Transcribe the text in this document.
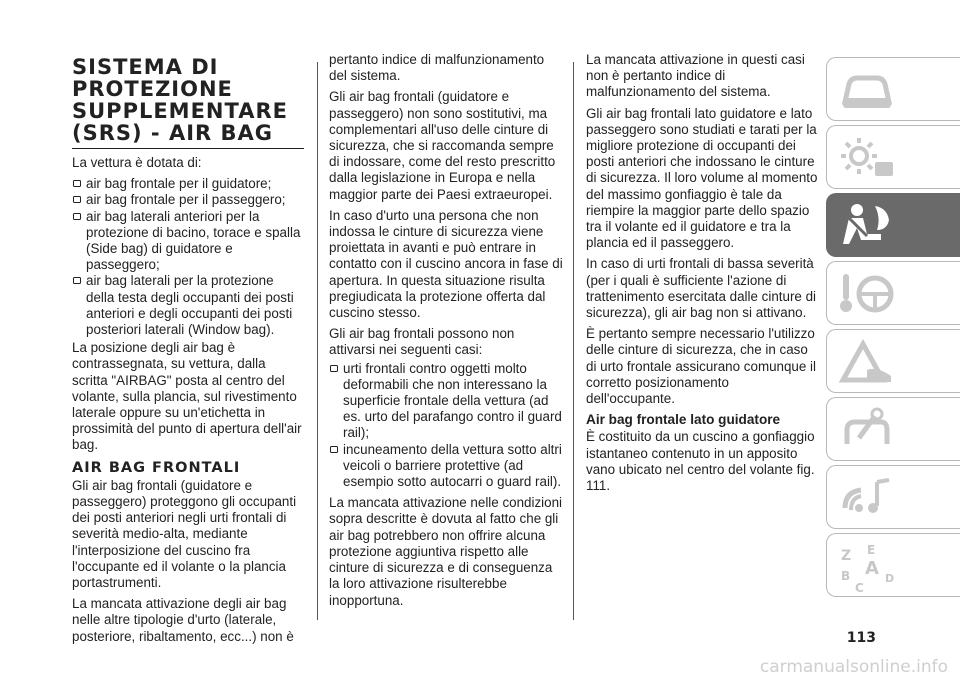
SISTEMA DI PROTEZIONE SUPPLEMENTARE (SRS) - AIR BAG

La vettura è dotata di:

air bag frontale per il guidatore;
air bag frontale per il passeggero;
air bag laterali anteriori per la protezione di bacino, torace e spalla (Side bag) di guidatore e passeggero;
air bag laterali per la protezione della testa degli occupanti dei posti anteriori e degli occupanti dei posti posteriori laterali (Window bag).

La posizione degli air bag è contrassegnata, su vettura, dalla scritta "AIRBAG" posta al centro del volante, sulla plancia, sul rivestimento laterale oppure su un'etichetta in prossimità del punto di apertura dell'air bag.

AIR BAG FRONTALI

Gli air bag frontali (guidatore e passeggero) proteggono gli occupanti dei posti anteriori negli urti frontali di severità medio-alta, mediante l'interposizione del cuscino fra l'occupante ed il volante o la plancia portastrumenti.

La mancata attivazione degli air bag nelle altre tipologie d'urto (laterale, posteriore, ribaltamento, ecc...) non è

pertanto indice di malfunzionamento del sistema.

Gli air bag frontali (guidatore e passeggero) non sono sostitutivi, ma complementari all'uso delle cinture di sicurezza, che si raccomanda sempre di indossare, come del resto prescritto dalla legislazione in Europa e nella maggior parte dei Paesi extraeuropei.

In caso d'urto una persona che non indossa le cinture di sicurezza viene proiettata in avanti e può entrare in contatto con il cuscino ancora in fase di apertura. In questa situazione risulta pregiudicata la protezione offerta dal cuscino stesso.

Gli air bag frontali possono non attivarsi nei seguenti casi:

urti frontali contro oggetti molto deformabili che non interessano la superficie frontale della vettura (ad es. urto del parafango contro il guard rail);
incuneamento della vettura sotto altri veicoli o barriere protettive (ad esempio sotto autocarri o guard rail).

La mancata attivazione nelle condizioni sopra descritte è dovuta al fatto che gli air bag potrebbero non offrire alcuna protezione aggiuntiva rispetto alle cinture di sicurezza e di conseguenza la loro attivazione risulterebbe inopportuna.

La mancata attivazione in questi casi non è pertanto indice di malfunzionamento del sistema.

Gli air bag frontali lato guidatore e lato passeggero sono studiati e tarati per la migliore protezione di occupanti dei posti anteriori che indossano le cinture di sicurezza. Il loro volume al momento del massimo gonfiaggio è tale da riempire la maggior parte dello spazio tra il volante ed il guidatore e tra la plancia ed il passeggero.

In caso di urti frontali di bassa severità (per i quali è sufficiente l'azione di trattenimento esercitata dalle cinture di sicurezza), gli air bag non si attivano.

È pertanto sempre necessario l'utilizzo delle cinture di sicurezza, che in caso di urto frontale assicurano comunque il corretto posizionamento dell'occupante.

Air bag frontale lato guidatore

È costituito da un cuscino a gonfiaggio istantaneo contenuto in un apposito vano ubicato nel centro del volante fig. 111.

Z E
A
B	D
C
113
carmanualsonline.info
